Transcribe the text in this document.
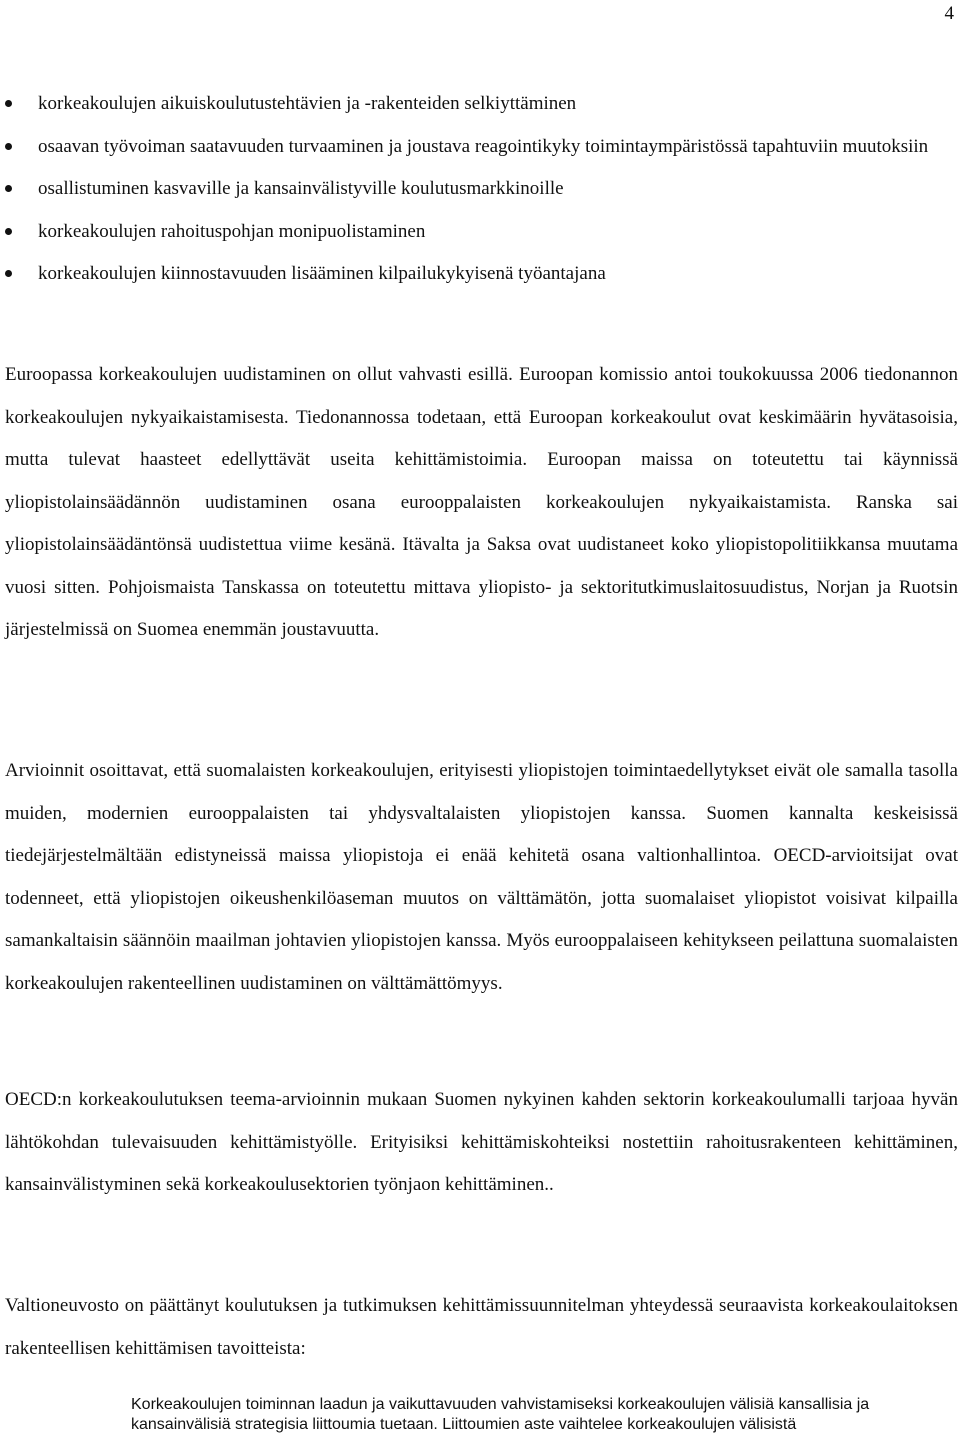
4
korkeakoulujen aikuiskoulutustehtävien ja -rakenteiden selkiyttäminen
osaavan työvoiman saatavuuden turvaaminen ja joustava reagointikyky toimintaympäristössä tapahtuviin muutoksiin
osallistuminen kasvaville ja kansainvälistyville koulutusmarkkinoille
korkeakoulujen rahoituspohjan monipuolistaminen
korkeakoulujen kiinnostavuuden lisääminen kilpailukykyisenä työantajana

Euroopassa korkeakoulujen uudistaminen on ollut vahvasti esillä. Euroopan komissio antoi toukokuussa 2006 tiedonannon korkeakoulujen nykyaikaistamisesta. Tiedonannossa todetaan, että Euroopan korkeakoulut ovat keskimäärin hyvätasoisia, mutta tulevat haasteet edellyttävät useita kehittämistoimia. Euroopan maissa on toteutettu tai käynnissä yliopistolainsäädännön uudistaminen osana eurooppalaisten korkeakoulujen nykyaikaistamista. Ranska sai yliopistolainsäädäntönsä uudistettua viime kesänä. Itävalta ja Saksa ovat uudistaneet koko yliopistopolitiikkansa muutama vuosi sitten. Pohjoismaista Tanskassa on toteutettu mittava yliopisto- ja sektoritutkimuslaitosuudistus, Norjan ja Ruotsin järjestelmissä on Suomea enemmän joustavuutta.

Arvioinnit osoittavat, että suomalaisten korkeakoulujen, erityisesti yliopistojen toimintaedellytykset eivät ole samalla tasolla muiden, modernien eurooppalaisten tai yhdysvaltalaisten yliopistojen kanssa. Suomen kannalta keskeisissä tiedejärjestelmältään edistyneissä maissa yliopistoja ei enää kehitetä osana valtionhallintoa. OECD-arvioitsijat ovat todenneet, että yliopistojen oikeushenkilöaseman muutos on välttämätön, jotta suomalaiset yliopistot voisivat kilpailla samankaltaisin säännöin maailman johtavien yliopistojen kanssa. Myös eurooppalaiseen kehitykseen peilattuna suomalaisten korkeakoulujen rakenteellinen uudistaminen on välttämättömyys.

OECD:n korkeakoulutuksen teema-arvioinnin mukaan Suomen nykyinen kahden sektorin korkeakoulumalli tarjoaa hyvän lähtökohdan tulevaisuuden kehittämistyölle. Erityisiksi kehittämiskohteiksi nostettiin rahoitusrakenteen kehittäminen, kansainvälistyminen sekä korkeakoulusektorien työnjaon kehittäminen..

Valtioneuvosto on päättänyt koulutuksen ja tutkimuksen kehittämissuunnitelman yhteydessä seuraavista korkeakoulaitoksen rakenteellisen kehittämisen tavoitteista:

Korkeakoulujen toiminnan laadun ja vaikuttavuuden vahvistamiseksi korkeakoulujen välisiä kansallisia ja kansainvälisiä strategisia liittoumia tuetaan. Liittoumien aste vaihtelee korkeakoulujen välisistä
